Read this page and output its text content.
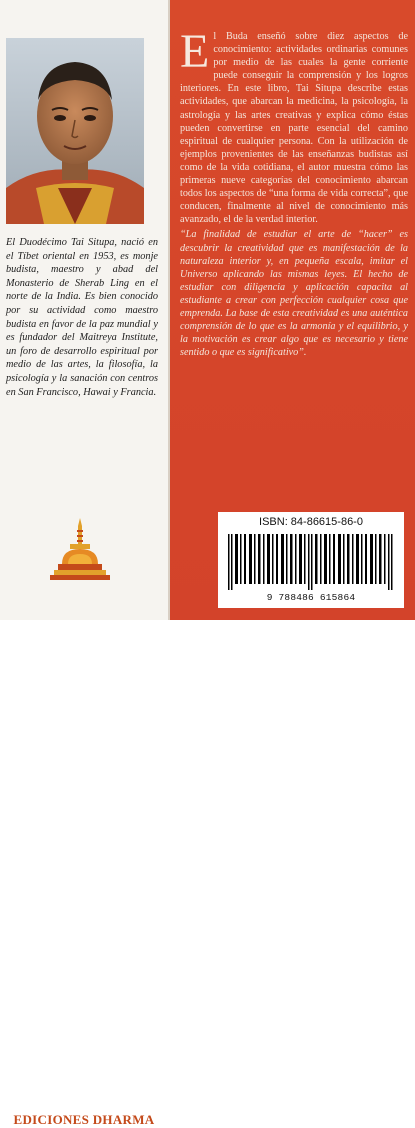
El Duodécimo Tai Situpa, nació en el Tíbet oriental en 1953, es monje budista, maestro y abad del Monasterio de Sherab Ling en el norte de la India. Es bien conocido por su actividad como maestro budista en favor de la paz mundial y es fundador del Maitreya Institute, un foro de desarrollo espiritual por medio de las artes, la filosofía, la psicología y la sanación con centros en San Francisco, Hawai y Francia.
EDICIONES DHARMA
El Buda enseñó sobre diez aspectos de conocimiento: actividades ordinarias comunes por medio de las cuales la gente corriente puede conseguir la comprensión y los logros interiores. En este libro, Tai Situpa describe estas actividades, que abarcan la medicina, la psicología, la astrología y las artes creativas y explica cómo éstas pueden convertirse en parte esencial del camino espiritual de cualquier persona. Con la utilización de ejemplos provenientes de las enseñanzas budistas así como de la vida cotidiana, el autor muestra cómo las primeras nueve categorías del conocimiento abarcan todos los aspectos de “una forma de vida correcta”, que conducen, finalmente al nivel de conocimiento más avanzado, el de la verdad interior.
“La finalidad de estudiar el arte de “hacer” es descubrir la creatividad que es manifestación de la naturaleza interior y, en pequeña escala, imitar el Universo aplicando las mismas leyes. El hecho de estudiar con diligencia y aplicación capacita al estudiante a crear con perfección cualquier cosa que emprenda. La base de esta creatividad es una auténtica comprensión de lo que es la armonía y el equilibrio, y la motivación es crear algo que es necesario y tiene sentido o que es significativo”.
ISBN: 84-86615-86-0
9 788486 615864
